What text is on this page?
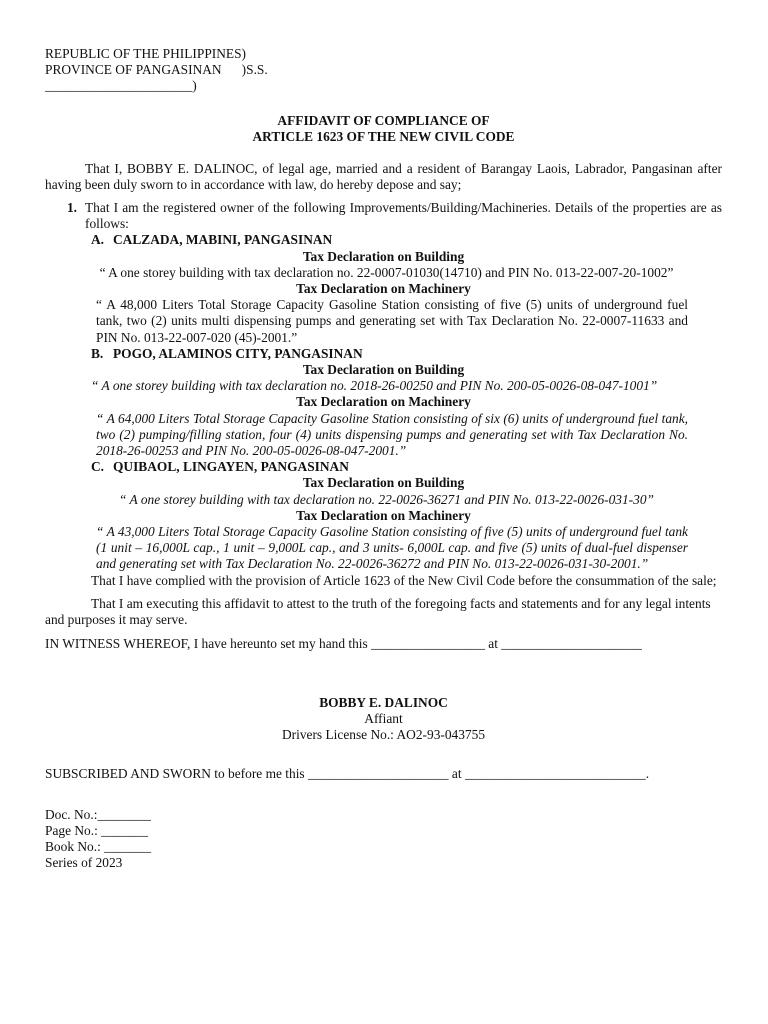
REPUBLIC OF THE PHILIPPINES)
PROVINCE OF PANGASINAN      )S.S.
______________________)
AFFIDAVIT OF COMPLIANCE OF
ARTICLE 1623 OF THE NEW CIVIL CODE
That I, BOBBY E. DALINOC, of legal age, married and a resident of Barangay Laois, Labrador, Pangasinan after having been duly sworn to in accordance with law, do hereby depose and say;
1. That I am the registered owner of the following Improvements/Building/Machineries. Details of the properties are as follows:
A. CALZADA, MABINI, PANGASINAN
Tax Declaration on Building
“ A one storey building with tax declaration no. 22-0007-01030(14710) and PIN No. 013-22-007-20-1002”
Tax Declaration on Machinery
“ A 48,000 Liters Total Storage Capacity Gasoline Station consisting of five (5) units of underground fuel tank, two (2) units multi dispensing pumps and generating set with Tax Declaration No. 22-0007-11633 and PIN No. 013-22-007-020 (45)-2001.”
B. POGO, ALAMINOS CITY, PANGASINAN
Tax Declaration on Building
“ A one storey building with tax declaration no. 2018-26-00250 and PIN No. 200-05-0026-08-047-1001”
Tax Declaration on Machinery
“ A 64,000 Liters Total Storage Capacity Gasoline Station consisting of six (6) units of underground fuel tank, two (2) pumping/filling station, four (4) units dispensing pumps and generating set with Tax Declaration No. 2018-26-00253 and PIN No. 200-05-0026-08-047-2001.”
C. QUIBAOL, LINGAYEN, PANGASINAN
Tax Declaration on Building
“ A one storey building with tax declaration no. 22-0026-36271 and PIN No. 013-22-0026-031-30”
Tax Declaration on Machinery
“ A 43,000 Liters Total Storage Capacity Gasoline Station consisting of five (5) units of underground fuel tank (1 unit – 16,000L cap., 1 unit – 9,000L cap., and 3 units- 6,000L cap. and five (5) units of dual-fuel dispenser and generating set with Tax Declaration No. 22-0026-36272 and PIN No. 013-22-0026-031-30-2001.”
That I have complied with the provision of Article 1623 of the New Civil Code before the consummation of the sale;
That I am executing this affidavit to attest to the truth of the foregoing facts and statements and for any legal intents and purposes it may serve.
IN WITNESS WHEREOF, I have hereunto set my hand this _________________ at _____________________
BOBBY E. DALINOC
Affiant
Drivers License No.: AO2-93-043755
SUBSCRIBED AND SWORN to before me this _____________________ at ___________________________.
Doc. No.:________
Page No.: _______
Book No.: _______
Series of 2023
